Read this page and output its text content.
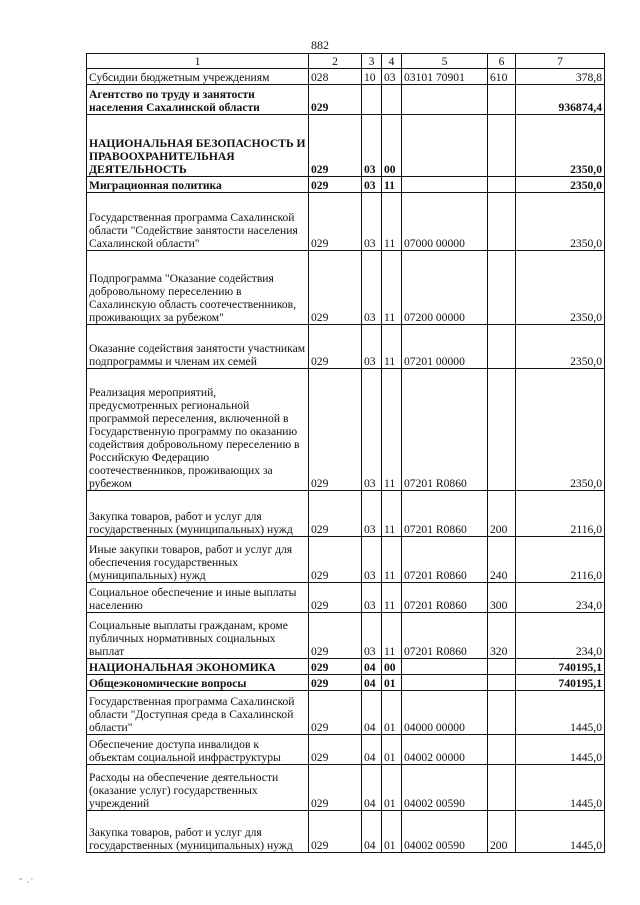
882
1	2	3	4	5	6	7
Субсидии бюджетным учреждениям	028	10	03	03101 70901	610	378,8
Агентство по труду и занятости населения Сахалинской области	029					936874,4
НАЦИОНАЛЬНАЯ БЕЗОПАСНОСТЬ И ПРАВООХРАНИТЕЛЬНАЯ ДЕЯТЕЛЬНОСТЬ	029	03	00			2350,0
Миграционная политика	029	03	11			2350,0
Государственная программа Сахалинской области "Содействие занятости населения Сахалинской области"	029	03	11	07000 00000		2350,0
Подпрограмма "Оказание содействия добровольному переселению в Сахалинскую область соотечественников, проживающих за рубежом"	029	03	11	07200 00000		2350,0
Оказание содействия занятости участникам подпрограммы и членам их семей	029	03	11	07201 00000		2350,0
Реализация мероприятий, предусмотренных региональной программой переселения, включенной в Государственную программу по оказанию содействия добровольному переселению в Российскую Федерацию соотечественников, проживающих за рубежом	029	03	11	07201 R0860		2350,0
Закупка товаров, работ и услуг для государственных (муниципальных) нужд	029	03	11	07201 R0860	200	2116,0
Иные закупки товаров, работ и услуг для обеспечения государственных (муниципальных) нужд	029	03	11	07201 R0860	240	2116,0
Социальное обеспечение и иные выплаты населению	029	03	11	07201 R0860	300	234,0
Социальные выплаты гражданам, кроме публичных нормативных социальных выплат	029	03	11	07201 R0860	320	234,0
НАЦИОНАЛЬНАЯ ЭКОНОМИКА	029	04	00			740195,1
Общеэкономические вопросы	029	04	01			740195,1
Государственная программа Сахалинской области "Доступная среда в Сахалинской области"	029	04	01	04000 00000		1445,0
Обеспечение доступа инвалидов к объектам социальной инфраструктуры	029	04	01	04002 00000		1445,0
Расходы на обеспечение деятельности (оказание услуг) государственных учреждений	029	04	01	04002 00590		1445,0
Закупка товаров, работ и услуг для государственных (муниципальных) нужд	029	04	01	04002 00590	200	1445,0
˘ ·˙
